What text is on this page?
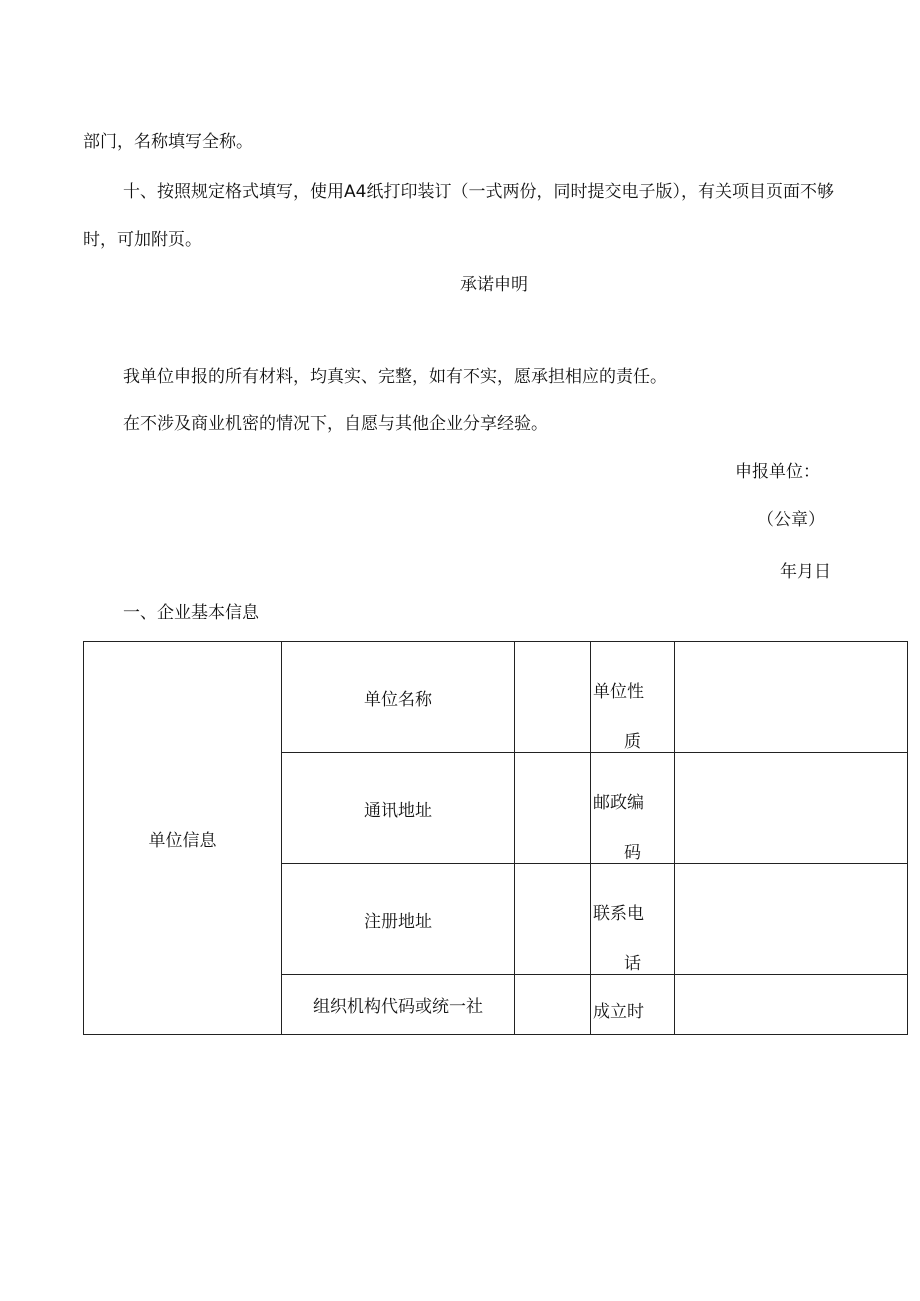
部门，名称填写全称。
十、按照规定格式填写，使用A4纸打印装订（一式两份，同时提交电子版），有关项目页面不够
时，可加附页。
承诺申明
我单位申报的所有材料，均真实、完整，如有不实，愿承担相应的责任。
在不涉及商业机密的情况下，自愿与其他企业分享经验。
申报单位：
（公章）
年月日
一、企业基本信息
单位信息	单位名称		单位性
质	

	通讯地址		邮政编
码	

	注册地址		联系电
话	

	组织机构代码或统一社		成立时	
